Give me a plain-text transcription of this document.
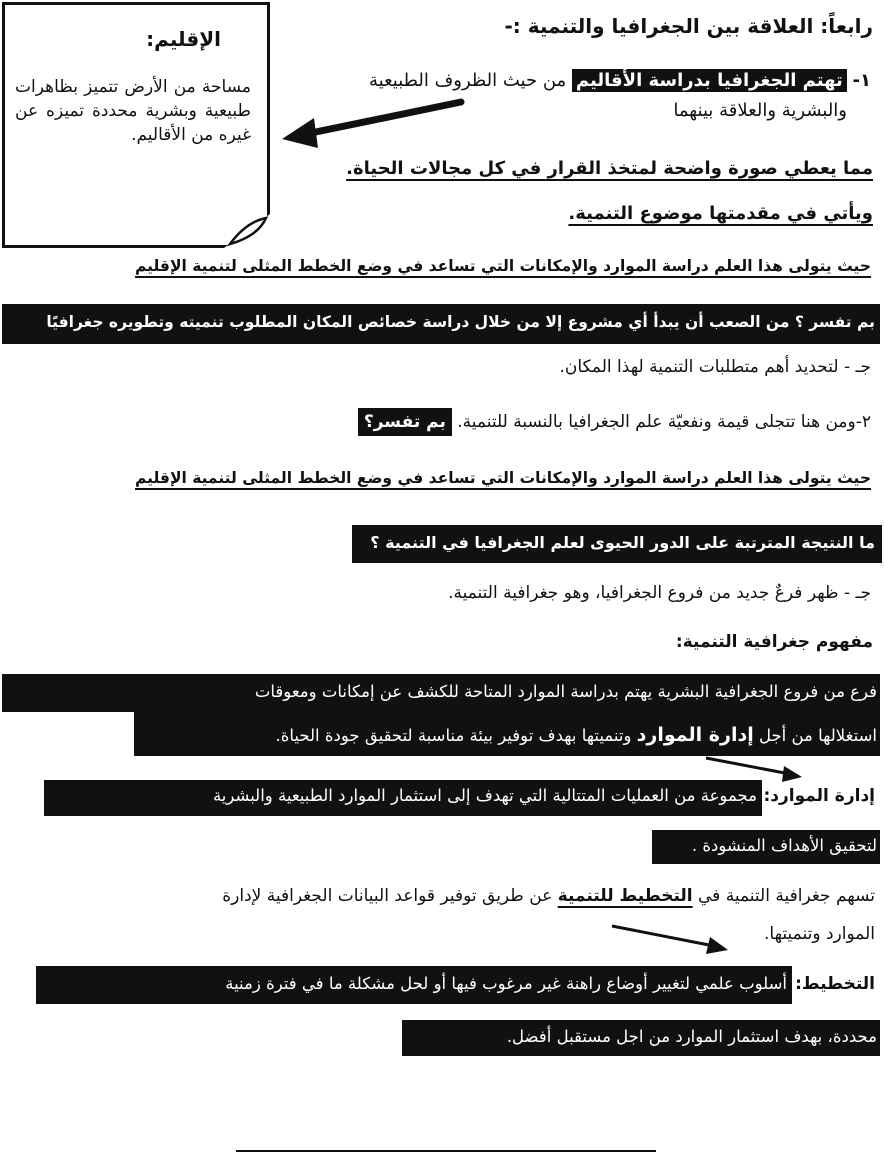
الإقليم:
مساحة من الأرض تتميز بظاهرات طبيعية وبشرية محددة تميزه عن غيره من الأقاليم.
رابعاً: العلاقة بين الجغرافيا والتنمية :-
١- تهتم الجغرافيا بدراسة الأقاليم من حيث الظروف الطبيعية
والبشرية والعلاقة بينهما
مما يعطي صورة واضحة لمتخذ القرار في كل مجالات الحياة.
ويأتي في مقدمتها موضوع التنمية.
حيث يتولى هذا العلم دراسة الموارد والإمكانات التي تساعد في وضع الخطط المثلى لتنمية الإقليم
بم تفسر ؟ من الصعب أن يبدأ أي مشروع إلا من خلال دراسة خصائص المكان المطلوب تنميته وتطويره جغرافيًا
جـ - لتحديد أهم متطلبات التنمية لهذا المكان.
٢-ومن هنا تتجلى قيمة ونفعيّة علم الجغرافيا بالنسبة للتنمية. بم تفسر؟
حيث يتولى هذا العلم دراسة الموارد والإمكانات التي تساعد في وضع الخطط المثلى لتنمية الإقليم
ما النتيجة المترتبة على الدور الحيوى لعلم الجغرافيا في التنمية ؟
جـ - ظهر فرعٌ جديد من فروع الجغرافيا، وهو جغرافية التنمية.
مفهوم جغرافية التنمية:
فرع من فروع الجغرافية البشرية يهتم بدراسة الموارد المتاحة للكشف عن إمكانات ومعوقات
استغلالها من أجل إدارة الموارد وتنميتها بهدف توفير بيئة مناسبة لتحقيق جودة الحياة.
إدارة الموارد:
مجموعة من العمليات المتتالية التي تهدف إلى استثمار الموارد الطبيعية والبشرية
لتحقيق الأهداف المنشودة .
تسهم جغرافية التنمية في التخطيط للتنمية عن طريق توفير قواعد البيانات الجغرافية لإدارة
الموارد وتنميتها.
التخطيط:
أسلوب علمي لتغيير أوضاع راهنة غير مرغوب فيها أو لحل مشكلة ما في فترة زمنية
محددة، بهدف استثمار الموارد من اجل مستقبل أفضل.
